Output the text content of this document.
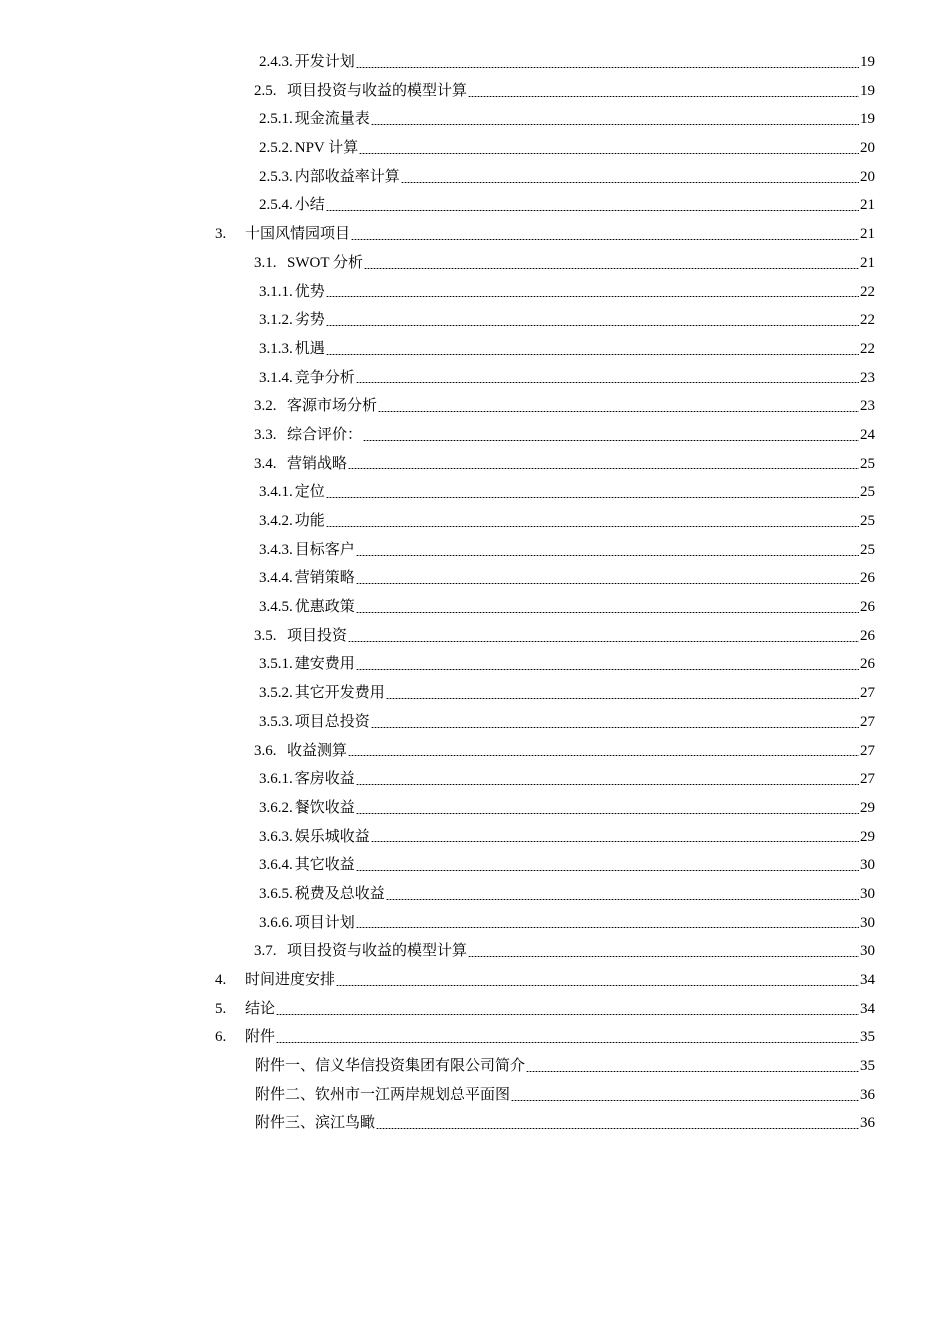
2.4.3. 开发计划	19
2.5. 项目投资与收益的模型计算	19
2.5.1. 现金流量表	19
2.5.2. NPV 计算	20
2.5.3. 内部收益率计算	20
2.5.4. 小结	21
3.	十国风情园项目	21
3.1. SWOT 分析	21
3.1.1. 优势	22
3.1.2. 劣势	22
3.1.3. 机遇	22
3.1.4. 竞争分析	23
3.2. 客源市场分析	23
3.3. 综合评价：	24
3.4. 营销战略	25
3.4.1. 定位	25
3.4.2. 功能	25
3.4.3. 目标客户	25
3.4.4. 营销策略	26
3.4.5. 优惠政策	26
3.5. 项目投资	26
3.5.1. 建安费用	26
3.5.2. 其它开发费用	27
3.5.3. 项目总投资	27
3.6. 收益测算	27
3.6.1. 客房收益	27
3.6.2. 餐饮收益	29
3.6.3. 娱乐城收益	29
3.6.4. 其它收益	30
3.6.5. 税费及总收益	30
3.6.6. 项目计划	30
3.7. 项目投资与收益的模型计算	30
4.	时间进度安排	34
5.	结论	34
6.	附件	35
附件一、信义华信投资集团有限公司简介	35
附件二、钦州市一江两岸规划总平面图	36
附件三、滨江鸟瞰	36
